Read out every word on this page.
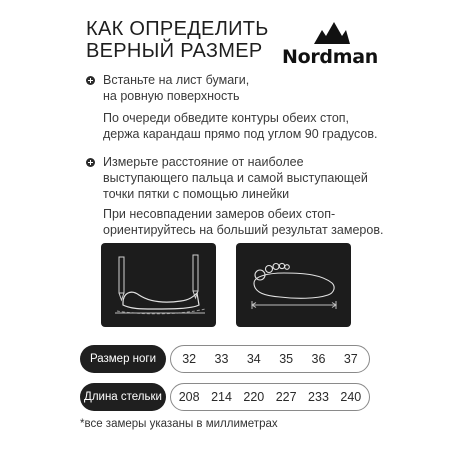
КАК ОПРЕДЕЛИТЬ
ВЕРНЫЙ РАЗМЕР	Nordman
Встаньте на лист бумаги,
на ровную поверхность
По очереди обведите контуры обеих стоп,
держа карандаш прямо под углом 90 градусов.
Измерьте расстояние от наиболее
выступающего пальца и самой выступающей
точки пятки с помощью линейки
При несовпадении замеров обеих стоп-
ориентируйтесь на больший результат замеров.
Размер ноги	32	33	34	35	36	37
Длина стельки	208 214 220 227 233 240
*все замеры указаны в миллиметрах
